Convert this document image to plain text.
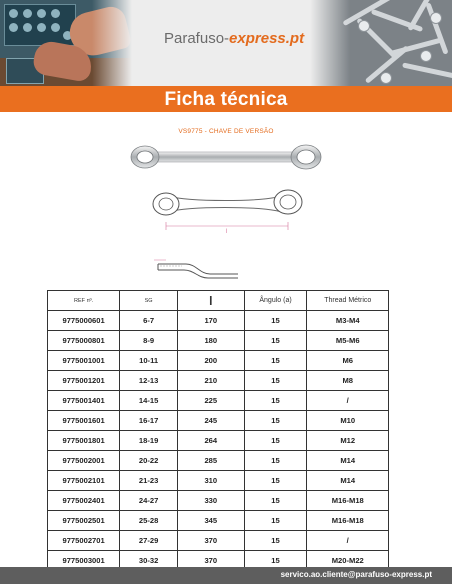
Parafuso-express.pt
Ficha técnica
VS9775 - CHAVE DE VERSÃO
l
REF nº.	SG	l	Ângulo (a)	Thread Métrico
9775000601	6-7	170	15	M3-M4
9775000801	8-9	180	15	M5-M6
9775001001	10-11	200	15	M6
9775001201	12-13	210	15	M8
9775001401	14-15	225	15	/
9775001601	16-17	245	15	M10
9775001801	18-19	264	15	M12
9775002001	20-22	285	15	M14
9775002101	21-23	310	15	M14
9775002401	24-27	330	15	M16-M18
9775002501	25-28	345	15	M16-M18
9775002701	27-29	370	15	/
9775003001	30-32	370	15	M20-M22
servico.ao.cliente@parafuso-express.pt
